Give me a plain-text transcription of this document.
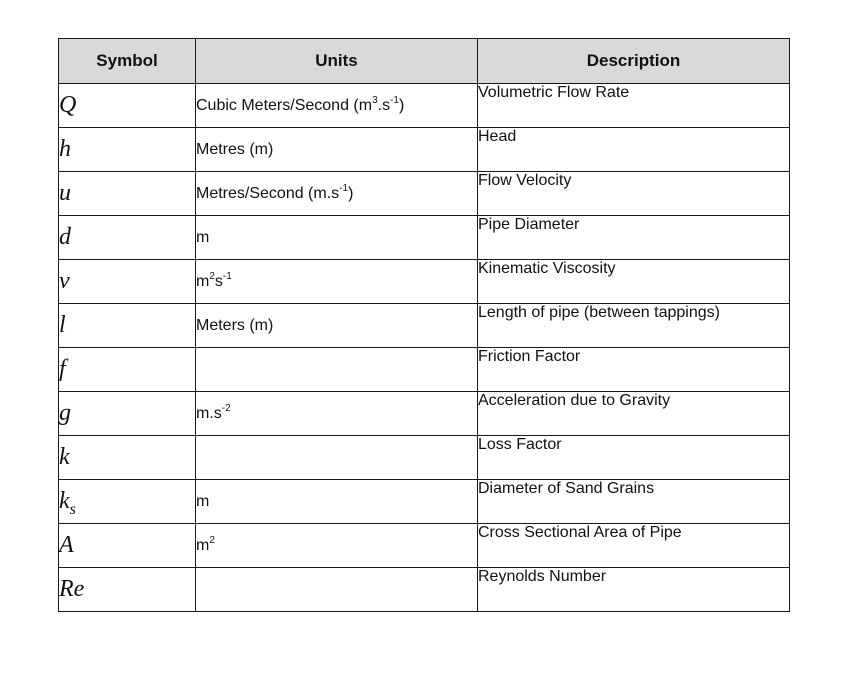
Symbol	Units	Description
Q	Cubic Meters/Second $(m^3.s^{-1})$	Volumetric Flow Rate
h	Metres (m)	Head
u	Metres/Second $(m.s^{-1})$	Flow Velocity
d	m	Pipe Diameter
ν	$m^2s^{-1}$	Kinematic Viscosity
l	Meters (m)	Length of pipe (between tappings)
f		Friction Factor
g	$m.s^{-2}$	Acceleration due to Gravity
k		Loss Factor
$k_s$	m	Diameter of Sand Grains
A	$m^2$	Cross Sectional Area of Pipe
Re		Reynolds Number
